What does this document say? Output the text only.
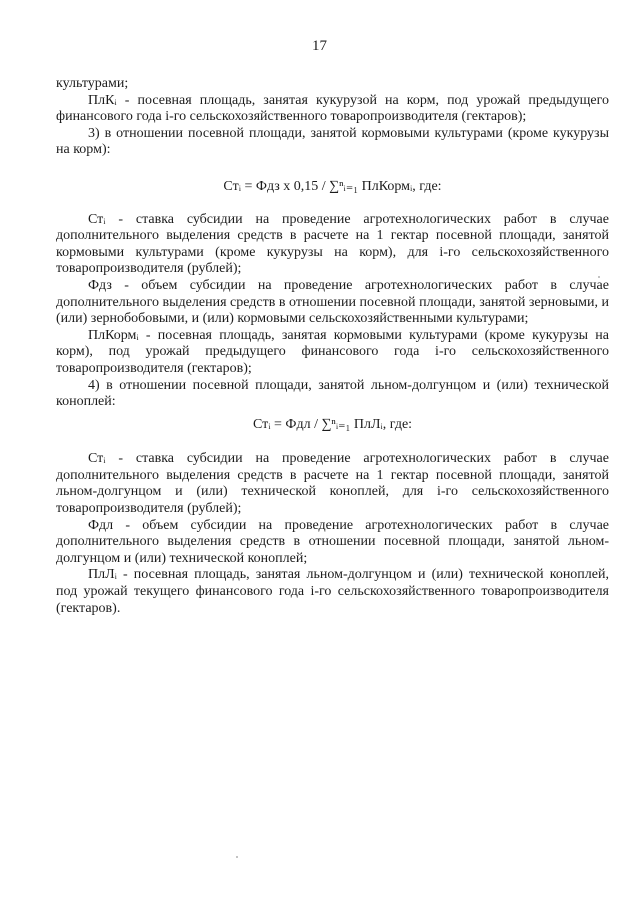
17

культурами;

ПлКᵢ - посевная площадь, занятая кукурузой на корм, под урожай предыдущего финансового года i-го сельскохозяйственного товаропроизводителя (гектаров);

3) в отношении посевной площади, занятой кормовыми культурами (кроме кукурузы на корм):

Стᵢ = Фдз x 0,15 / ∑ⁿᵢ₌₁ ПлКормᵢ, где:

Стᵢ - ставка субсидии на проведение агротехнологических работ в случае дополнительного выделения средств в расчете на 1 гектар посевной площади, занятой кормовыми культурами (кроме кукурузы на корм), для i-го сельскохозяйственного товаропроизводителя (рублей);

Фдз - объем субсидии на проведение агротехнологических работ в случае дополнительного выделения средств в отношении посевной площади, занятой зерновыми, и (или) зернобобовыми, и (или) кормовыми сельскохозяйственными культурами;

ПлКормᵢ - посевная площадь, занятая кормовыми культурами (кроме кукурузы на корм), под урожай предыдущего финансового года i-го сельскохозяйственного товаропроизводителя (гектаров);

4) в отношении посевной площади, занятой льном-долгунцом и (или) технической коноплей:

Стᵢ = Фдл / ∑ⁿᵢ₌₁ ПлЛᵢ, где:

Стᵢ - ставка субсидии на проведение агротехнологических работ в случае дополнительного выделения средств в расчете на 1 гектар посевной площади, занятой льном-долгунцом и (или) технической коноплей, для i-го сельскохозяйственного товаропроизводителя (рублей);

Фдл - объем субсидии на проведение агротехнологических работ в случае дополнительного выделения средств в отношении посевной площади, занятой льном-долгунцом и (или) технической коноплей;

ПлЛᵢ - посевная площадь, занятая льном-долгунцом и (или) технической коноплей, под урожай текущего финансового года i-го сельскохозяйственного товаропроизводителя (гектаров).
